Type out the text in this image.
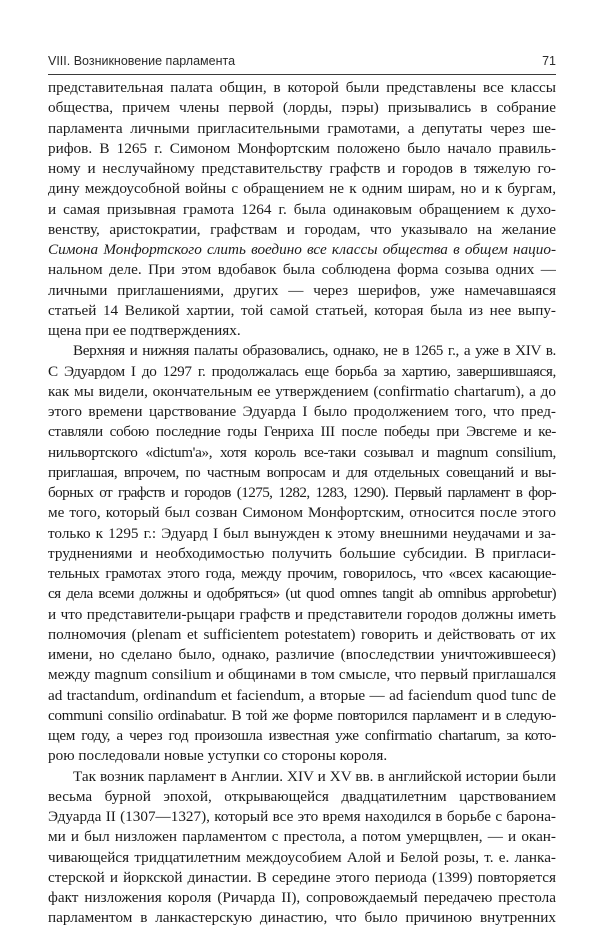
VIII. Возникновение парламента	71
представительная палата общин, в которой были представлены все классы
общества, причем члены первой (лорды, пэры) призывались в собрание
парламента личными пригласительными грамотами, а депутаты через ше-
рифов. В 1265 г. Симоном Монфортским положено было начало правиль-
ному и неслучайному представительству графств и городов в тяжелую го-
дину междоусобной войны с обращением не к одним ширам, но и к бургам,
и самая призывная грамота 1264 г. была одинаковым обращением к духо-
венству, аристократии, графствам и городам, что указывало на желание
Симона Монфортского слить воедино все классы общества в общем нацио-
нальном деле. При этом вдобавок была соблюдена форма созыва одних —
личными приглашениями, других — через шерифов, уже намечавшаяся
статьей 14 Великой хартии, той самой статьей, которая была из нее выпу-
щена при ее подтверждениях.
Верхняя и нижняя палаты образовались, однако, не в 1265 г., а уже в XIV в.
С Эдуардом I до 1297 г. продолжалась еще борьба за хартию, завершившаяся,
как мы видели, окончательным ее утверждением (confirmatio chartarum), а до
этого времени царствование Эдуарда I было продолжением того, что пред-
ставляли собою последние годы Генриха III после победы при Эвсгеме и ке-
нильвортского «dictum'а», хотя король все-таки созывал и magnum consilium,
приглашая, впрочем, по частным вопросам и для отдельных совещаний и вы-
борных от графств и городов (1275, 1282, 1283, 1290). Первый парламент в фор-
ме того, который был созван Симоном Монфортским, относится после этого
только к 1295 г.: Эдуард I был вынужден к этому внешними неудачами и за-
труднениями и необходимостью получить большие субсидии. В приглаcи-
тельных грамотах этого года, между прочим, говорилось, что «всех касающие-
ся дела всеми должны и одобряться» (ut quod omnes tangit ab omnibus approbetur)
и что представители-рыцари графств и представители городов должны иметь
полномочия (plenam et sufficientem potestatem) говорить и действовать от их
имени, но сделано было, однако, различие (впоследствии уничтожившееся)
между magnum consilium и общинами в том смысле, что первый приглашался
ad tractandum, ordinandum et faciendum, а вторые — ad faciendum quod tunc de
communi consilio ordinabatur. В той же форме повторился парламент и в следую-
щем году, а через год произошла известная уже confirmatio chartarum, за кото-
рою последовали новые уступки со стороны короля.
Так возник парламент в Англии. XIV и XV вв. в английской истории были
весьма бурной эпохой, открывающейся двадцатилетним царствованием
Эдуарда II (1307—1327), который все это время находился в борьбе с барона-
ми и был низложен парламентом с престола, а потом умерщвлен, — и окан-
чивающейся тридцатилетним междоусобием Алой и Белой розы, т. е. ланка-
стерской и йоркской династии. В середине этого периода (1399) повторяется
факт низложения короля (Ричарда II), сопровождаемый передачею престола
парламентом в ланкастерскую династию, что было причиною внутренних
